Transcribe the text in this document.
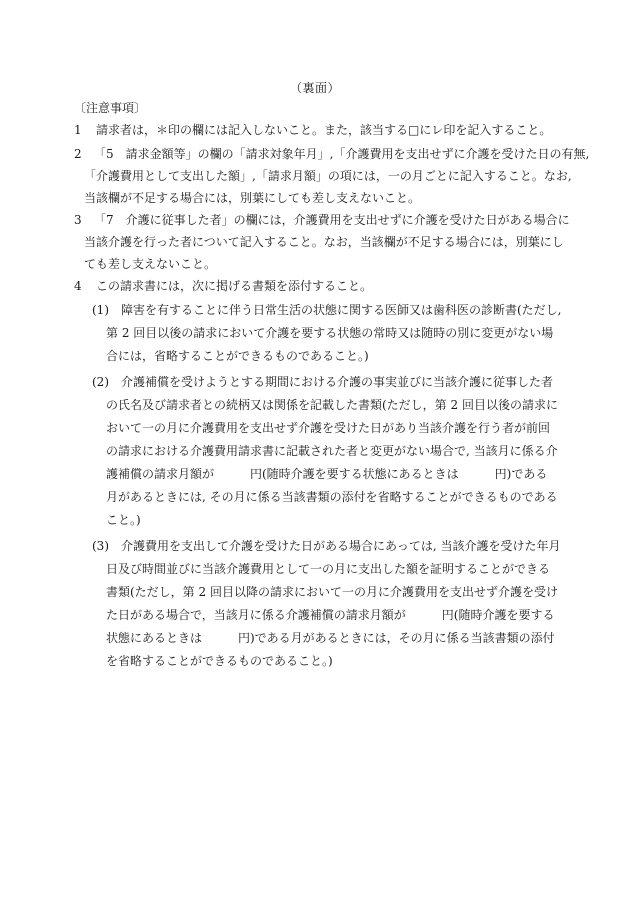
（裏面）
〔注意事項〕
1 請求者は，＊印の欄には記入しないこと。また，該当する□にレ印を記入すること。
2 「5　請求金額等」の欄の「請求対象年月」,「介護費用を支出せずに介護を受けた日の有無,
「介護費用として支出した額」,「請求月額」の項には，一の月ごとに記入すること。なお,
当該欄が不足する場合には，別葉にしても差し支えないこと。
3 「7　介護に従事した者」の欄には，介護費用を支出せずに介護を受けた日がある場合に
当該介護を行った者について記入すること。なお，当該欄が不足する場合には，別葉にし
ても差し支えないこと。
4 この請求書には，次に掲げる書類を添付すること。
(1) 障害を有することに伴う日常生活の状態に関する医師又は歯科医の診断書(ただし,
第 2 回目以後の請求において介護を要する状態の常時又は随時の別に変更がない場
合には，省略することができるものであること。)
(2) 介護補償を受けようとする期間における介護の事実並びに当該介護に従事した者
の氏名及び請求者との続柄又は関係を記載した書類(ただし，第 2 回目以後の請求に
おいて一の月に介護費用を支出せず介護を受けた日があり当該介護を行う者が前回
の請求における介護費用請求書に記載された者と変更がない場合で, 当該月に係る介
護補償の請求月額が　　　円(随時介護を要する状態にあるときは　　　円)である
月があるときには, その月に係る当該書類の添付を省略することができるものである
こと。)
(3) 介護費用を支出して介護を受けた日がある場合にあっては, 当該介護を受けた年月
日及び時間並びに当該介護費用として一の月に支出した額を証明することができる
書類(ただし，第 2 回目以降の請求において一の月に介護費用を支出せず介護を受け
た日がある場合で，当該月に係る介護補償の請求月額が　　　円(随時介護を要する
状態にあるときは　　　円)である月があるときには，その月に係る当該書類の添付
を省略することができるものであること。)
